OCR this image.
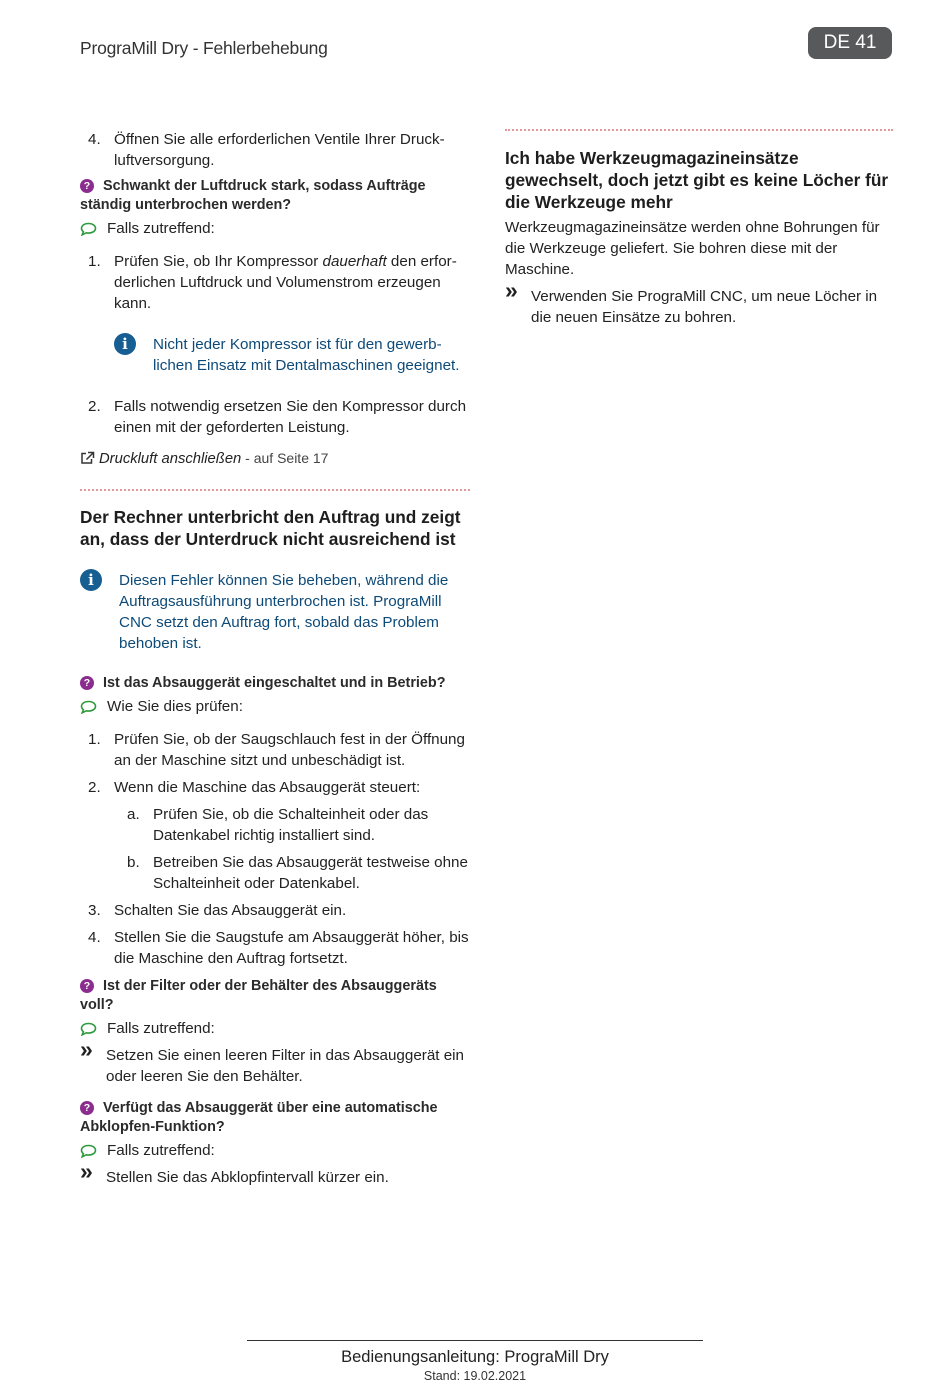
PrograMill Dry - Fehlerbehebung	DE 41
4. Öffnen Sie alle erforderlichen Ventile Ihrer Druckluftversorgung.
? Schwankt der Luftdruck stark, sodass Aufträge ständig unterbrochen werden?
Falls zutreffend:
1. Prüfen Sie, ob Ihr Kompressor dauerhaft den erforderlichen Luftdruck und Volumenstrom erzeugen kann.
i	Nicht jeder Kompressor ist für den gewerblichen Einsatz mit Dentalmaschinen geeignet.
2. Falls notwendig ersetzen Sie den Kompressor durch einen mit der geforderten Leistung.
Druckluft anschließen - auf Seite 17
Der Rechner unterbricht den Auftrag und zeigt an, dass der Unterdruck nicht ausreichend ist
i	Diesen Fehler können Sie beheben, während die Auftragsausführung unterbrochen ist. PrograMill CNC setzt den Auftrag fort, sobald das Problem behoben ist.
? Ist das Absauggerät eingeschaltet und in Betrieb?
Wie Sie dies prüfen:
1. Prüfen Sie, ob der Saugschlauch fest in der Öffnung an der Maschine sitzt und unbeschädigt ist.
2. Wenn die Maschine das Absauggerät steuert:
a. Prüfen Sie, ob die Schalteinheit oder das Datenkabel richtig installiert sind.
b. Betreiben Sie das Absauggerät testweise ohne Schalteinheit oder Datenkabel.
3. Schalten Sie das Absauggerät ein.
4. Stellen Sie die Saugstufe am Absauggerät höher, bis die Maschine den Auftrag fortsetzt.
? Ist der Filter oder der Behälter des Absauggeräts voll?
Falls zutreffend:
» Setzen Sie einen leeren Filter in das Absauggerät ein oder leeren Sie den Behälter.
? Verfügt das Absauggerät über eine automatische Abklopfen-Funktion?
Falls zutreffend:
» Stellen Sie das Abklopfintervall kürzer ein.
Ich habe Werkzeugmagazineinsätze gewechselt, doch jetzt gibt es keine Löcher für die Werkzeuge mehr
Werkzeugmagazineinsätze werden ohne Bohrungen für die Werkzeuge geliefert. Sie bohren diese mit der Maschine.
» Verwenden Sie PrograMill CNC, um neue Löcher in die neuen Einsätze zu bohren.
Bedienungsanleitung: PrograMill Dry
Stand: 19.02.2021
